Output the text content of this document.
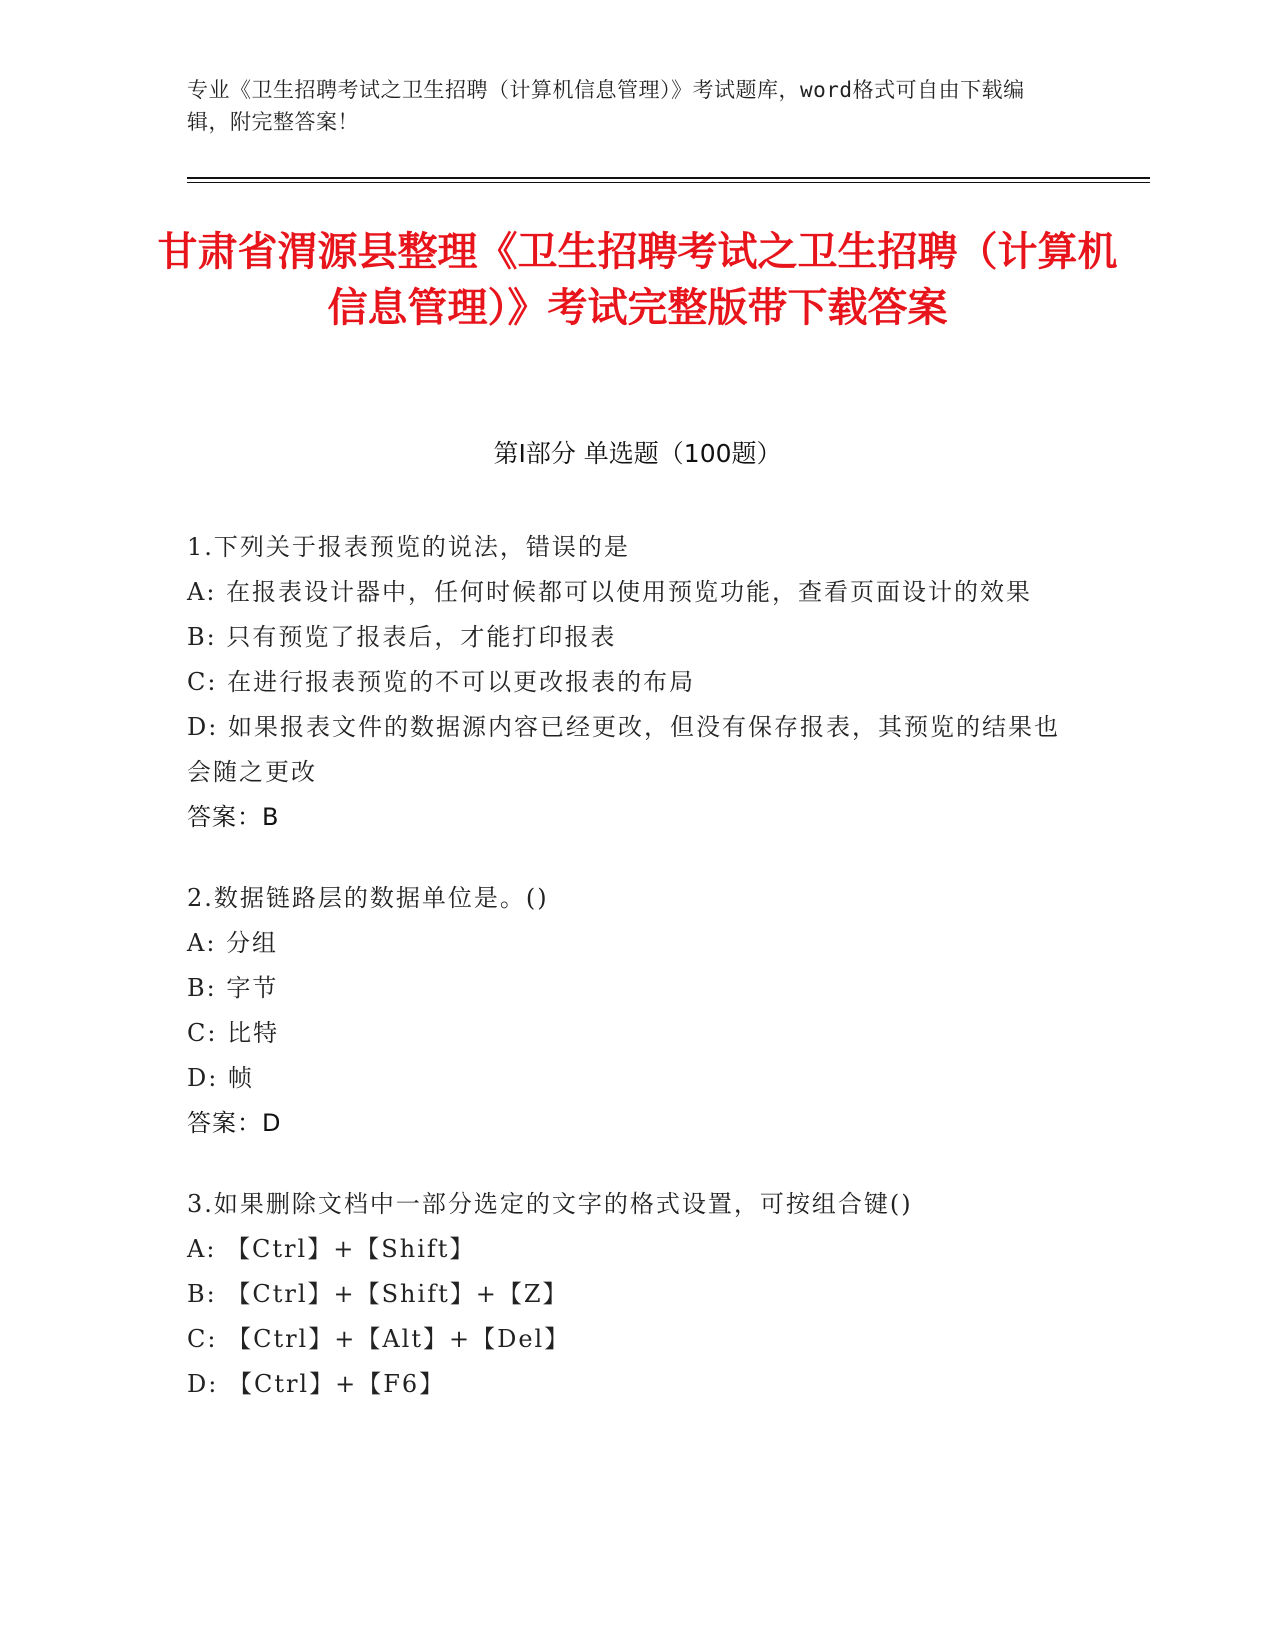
专业《卫生招聘考试之卫生招聘（计算机信息管理）》考试题库，word格式可自由下载编辑，附完整答案！
甘肃省渭源县整理《卫生招聘考试之卫生招聘（计算机信息管理）》考试完整版带下载答案
第I部分 单选题（100题）
1.下列关于报表预览的说法，错误的是
A: 在报表设计器中，任何时候都可以使用预览功能，查看页面设计的效果
B: 只有预览了报表后，才能打印报表
C: 在进行报表预览的不可以更改报表的布局
D: 如果报表文件的数据源内容已经更改，但没有保存报表，其预览的结果也会随之更改
答案：B
2.数据链路层的数据单位是。()
A: 分组
B: 字节
C: 比特
D: 帧
答案：D
3.如果删除文档中一部分选定的文字的格式设置，可按组合键()
A: 【Ctrl】+【Shift】
B: 【Ctrl】+【Shift】+【Z】
C: 【Ctrl】+【Alt】+【Del】
D: 【Ctrl】+【F6】
